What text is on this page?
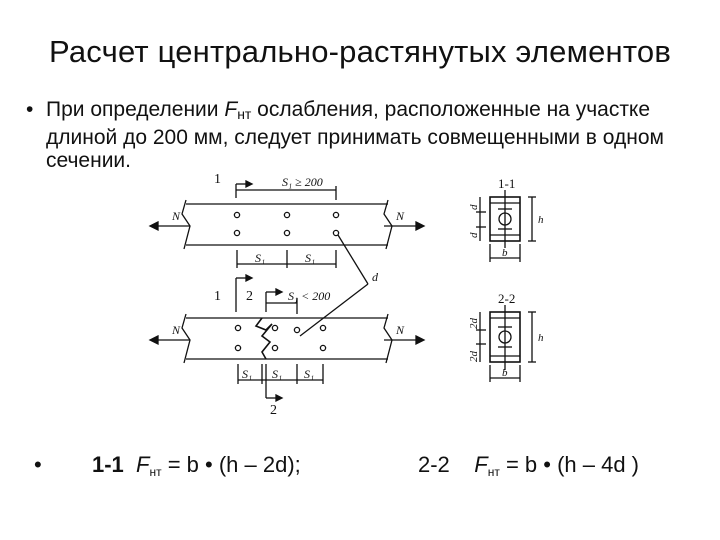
Расчет центрально-растянутых элементов
• При определении $F_{нт}$ ослабления, расположенные на участке длиной до 200 мм, следует принимать совмещенными в одном сечении.
1	S₁ ≥ 200
N	N
S₁	S₁
d
1 2
2
S₁ < 200
N	N
S₁ S₁ S₁
1-1
d
d
h
b
2-2
2d
2d
h
b
• 1-1 Fнт = b • (h – 2d);	2-2 Fнт = b • (h – 4d )
